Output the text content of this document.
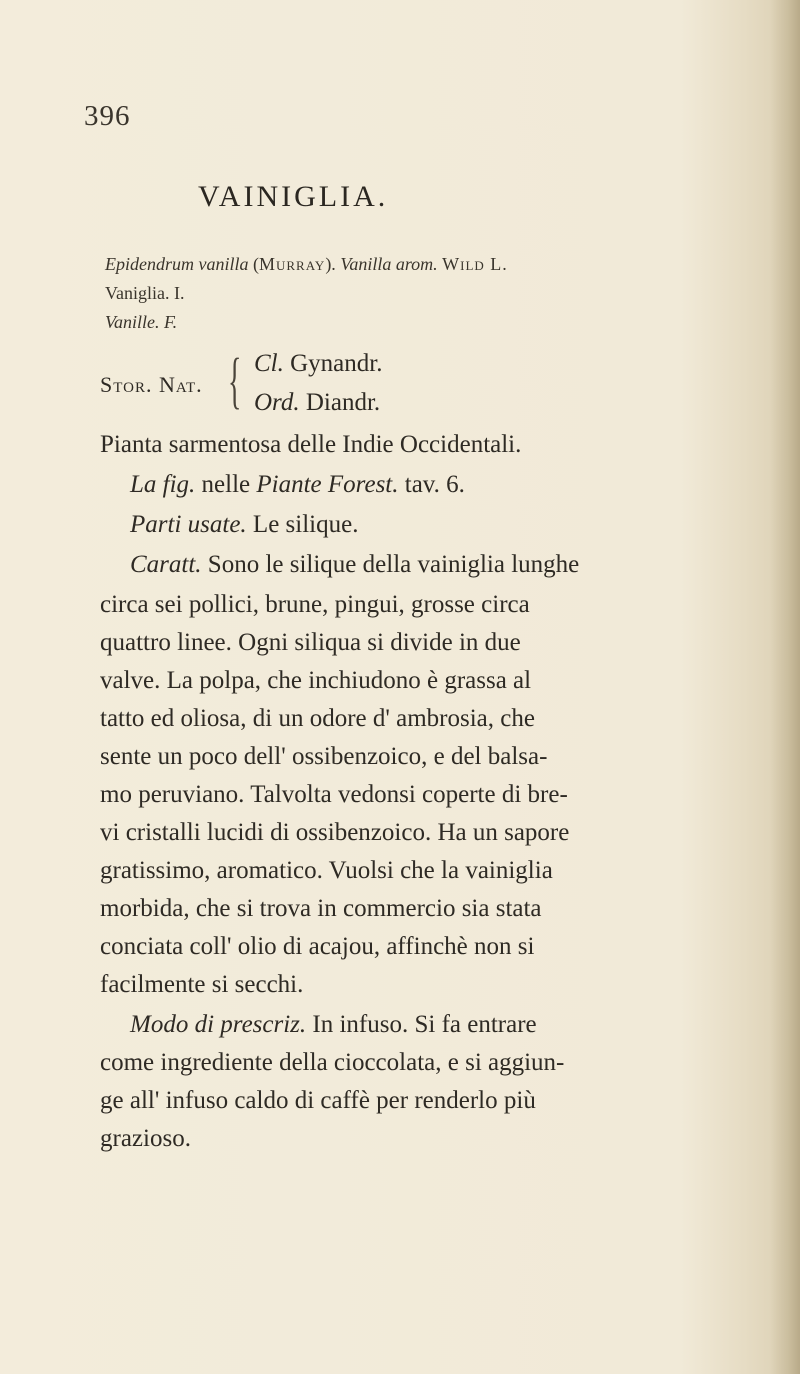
396
VAINIGLIA.
Epidendrum vanilla (Murray). Vanilla arom. Wild L.
Vaniglia. I.
Vanille. F.
Stor. Nat. { Cl. Gynandr.
Ord. Diandr.
Pianta sarmentosa delle Indie Occidentali.
La fig. nelle Piante Forest. tav. 6.
Parti usate. Le silique.
Caratt. Sono le silique della vainiglia lunghe
circa sei pollici, brune, pingui, grosse circa
quattro linee. Ogni siliqua si divide in due
valve. La polpa, che inchiudono è grassa al
tatto ed oliosa, di un odore d' ambrosia, che
sente un poco dell' ossibenzoico, e del balsa-
mo peruviano. Talvolta vedonsi coperte di bre-
vi cristalli lucidi di ossibenzoico. Ha un sapore
gratissimo, aromatico. Vuolsi che la vainiglia
morbida, che si trova in commercio sia stata
conciata coll' olio di acajou, affinchè non si
facilmente si secchi.
Modo di prescriz. In infuso. Si fa entrare
come ingrediente della cioccolata, e si aggiun-
ge all' infuso caldo di caffè per renderlo più
grazioso.
